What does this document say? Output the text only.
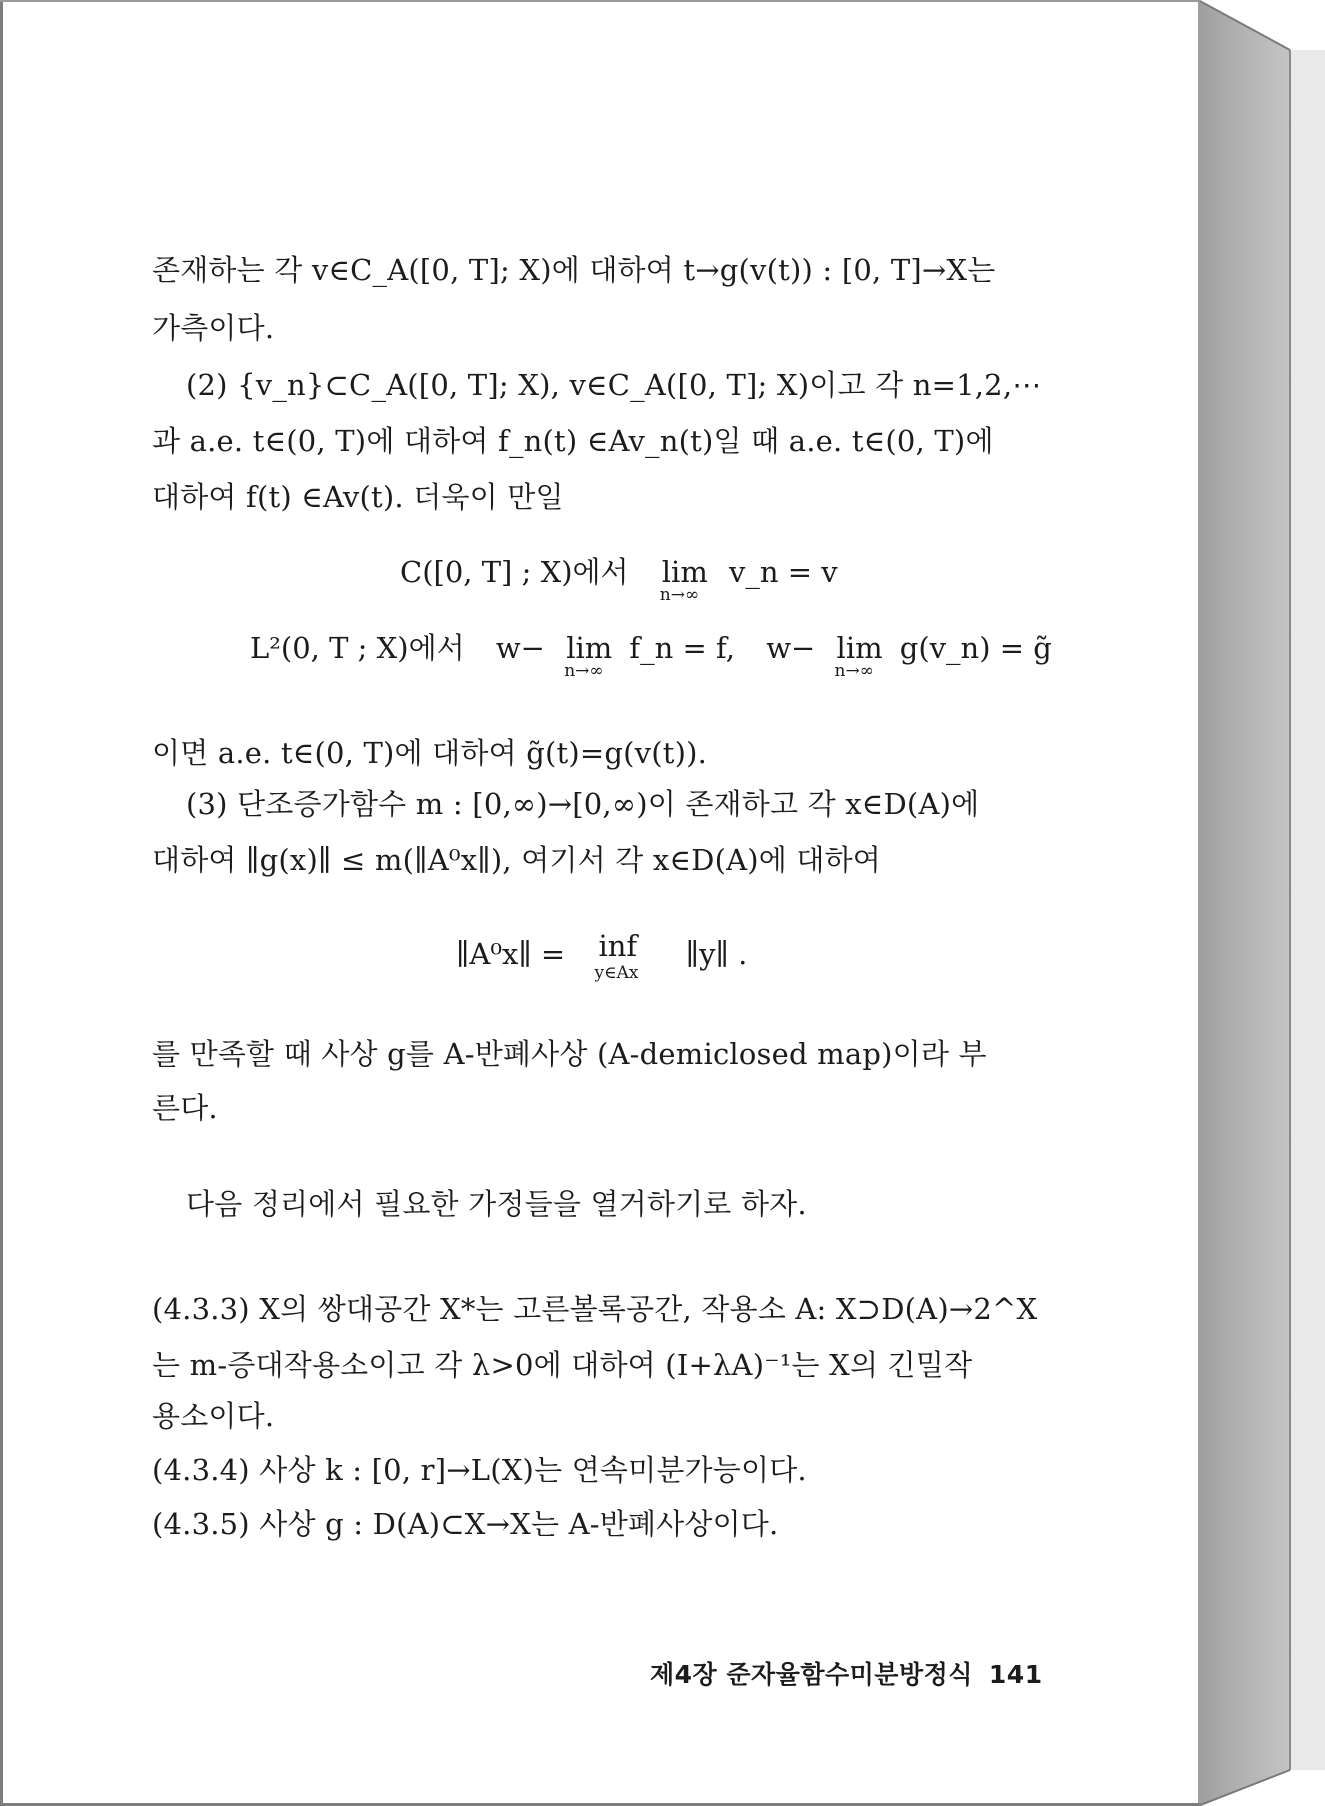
존재하는 각 v∈C_A([0, T]; X)에 대하여 t→g(v(t)) : [0, T]→X는
가측이다.
(2) {v_n}⊂C_A([0, T]; X), v∈C_A([0, T]; X)이고 각 n=1,2,⋯
과 a.e. t∈(0, T)에 대하여 f_n(t) ∈Av_n(t)일 때 a.e. t∈(0, T)에
대하여 f(t) ∈Av(t). 더욱이 만일
C([0, T] ; X)에서 lim
n→∞
v_n = v
L²(0, T ; X)에서 w− lim
n→∞
f_n = f, w− lim
n→∞
g(v_n) = g̃
이면 a.e. t∈(0, T)에 대하여 g̃(t)=g(v(t)).
(3) 단조증가함수 m : [0,∞)→[0,∞)이 존재하고 각 x∈D(A)에
대하여 ∥g(x)∥ ≤ m(∥A⁰x∥), 여기서 각 x∈D(A)에 대하여
∥A⁰x∥ = inf
y∈Ax
∥y∥ .
를 만족할 때 사상 g를 A-반폐사상 (A-demiclosed map)이라 부
른다.
다음 정리에서 필요한 가정들을 열거하기로 하자.
(4.3.3) X의 쌍대공간 X*는 고른볼록공간, 작용소 A: X⊃D(A)→2^X
는 m-증대작용소이고 각 λ>0에 대하여 (I+λA)⁻¹는 X의 긴밀작
용소이다.
(4.3.4) 사상 k : [0, r]→L(X)는 연속미분가능이다.
(4.3.5) 사상 g : D(A)⊂X→X는 A-반폐사상이다.
제4장 준자율함수미분방정식 141
